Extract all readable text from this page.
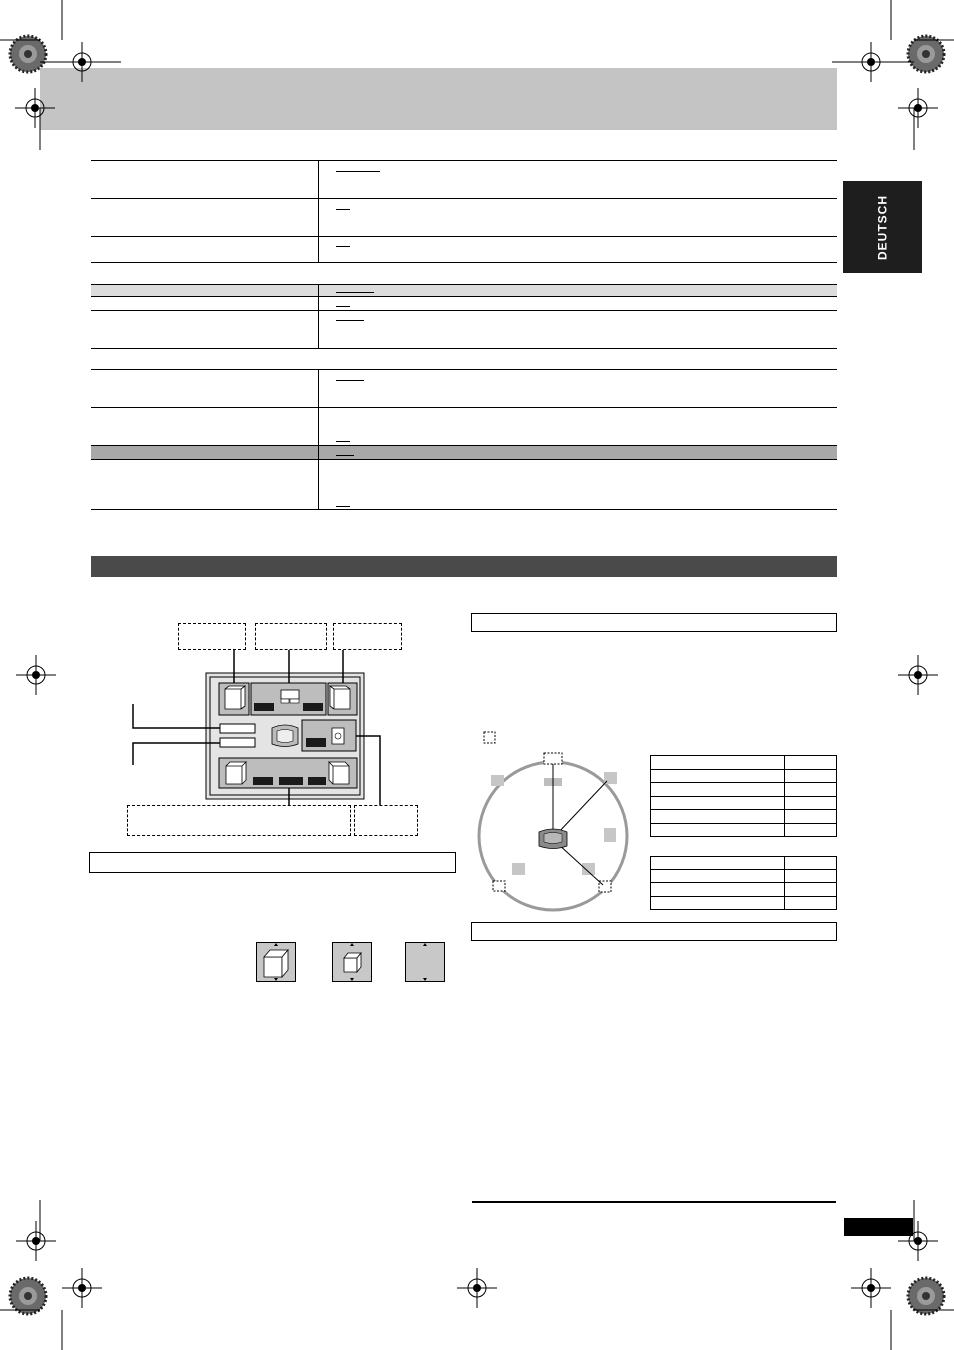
DEUTSCH
